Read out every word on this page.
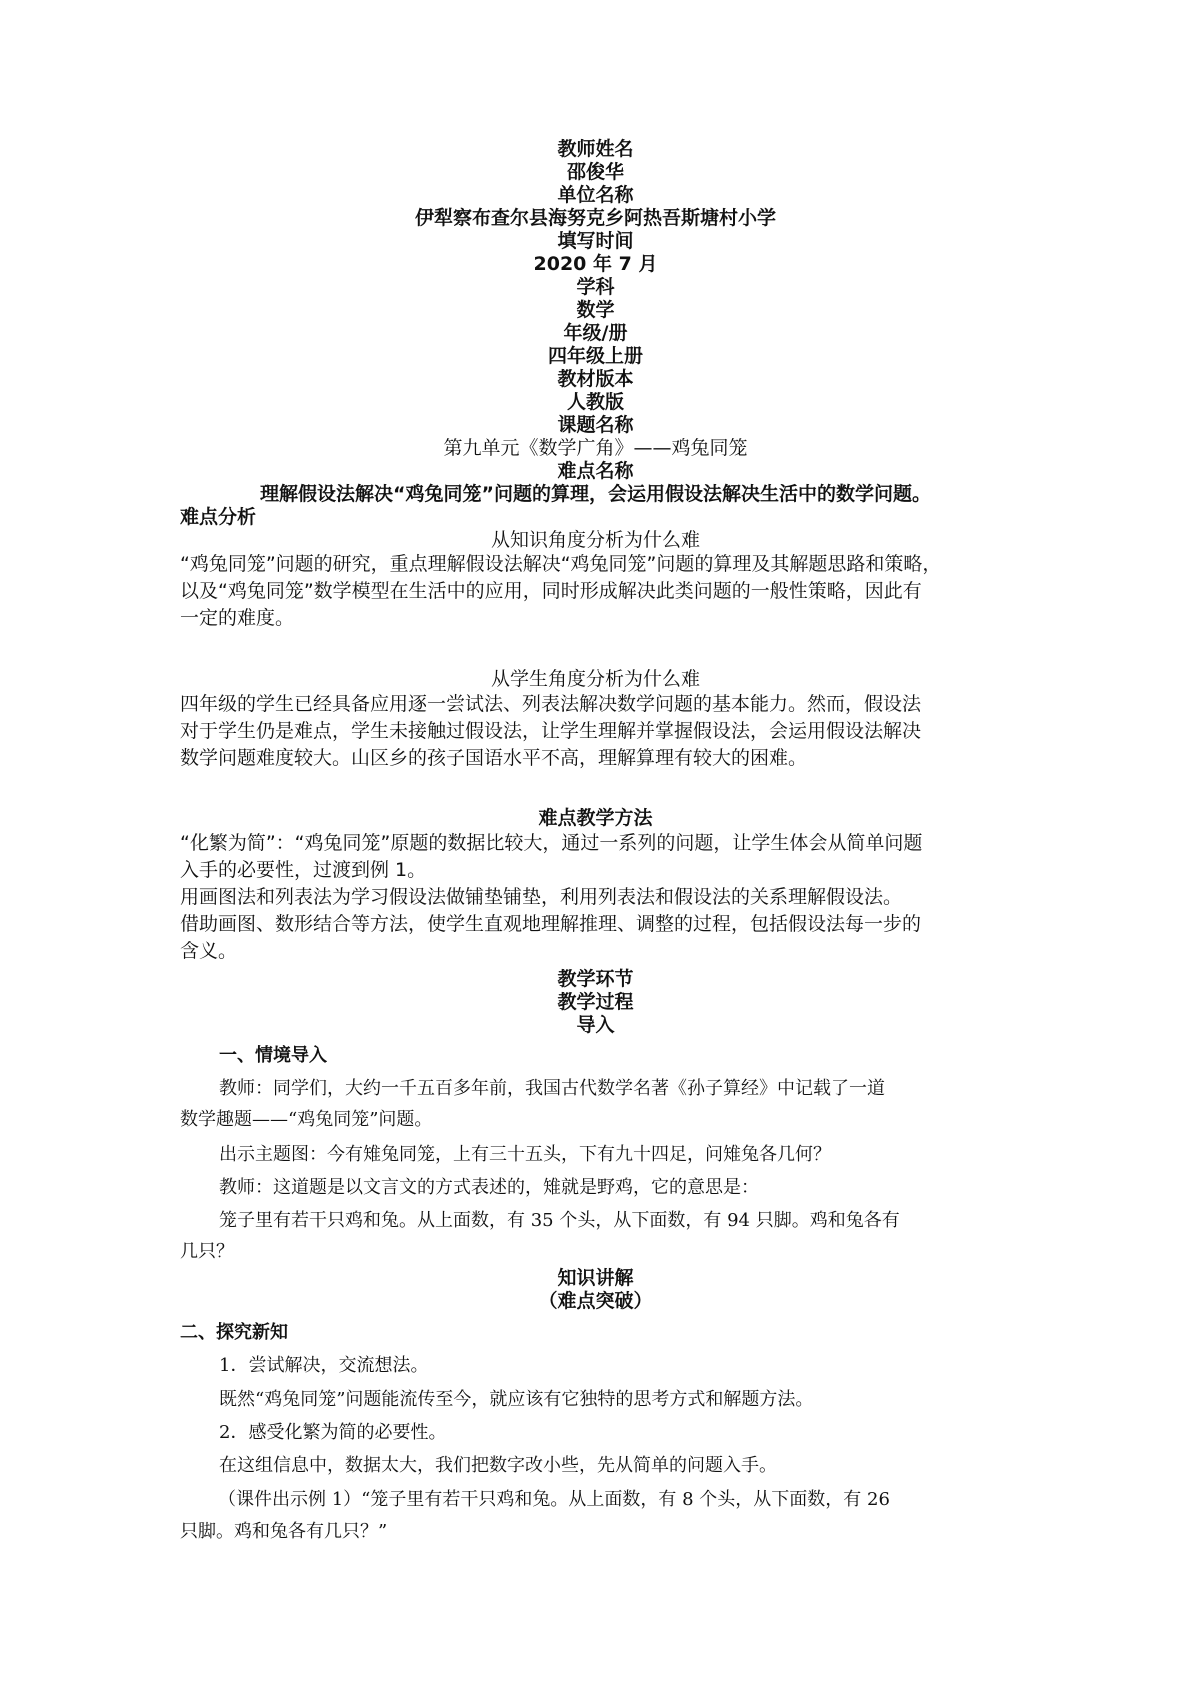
教师姓名
邵俊华
单位名称
伊犁察布查尔县海努克乡阿热吾斯塘村小学
填写时间
2020 年 7 月
学科
数学
年级/册
四年级上册
教材版本
人教版
课题名称
第九单元《数学广角》——鸡兔同笼
难点名称
理解假设法解决“鸡兔同笼”问题的算理，会运用假设法解决生活中的数学问题。
难点分析
从知识角度分析为什么难
“鸡兔同笼”问题的研究，重点理解假设法解决“鸡兔同笼”问题的算理及其解题思路和策略，
以及“鸡兔同笼”数学模型在生活中的应用，同时形成解决此类问题的一般性策略，因此有
一定的难度。
从学生角度分析为什么难
四年级的学生已经具备应用逐一尝试法、列表法解决数学问题的基本能力。然而，假设法
对于学生仍是难点，学生未接触过假设法，让学生理解并掌握假设法，会运用假设法解决
数学问题难度较大。山区乡的孩子国语水平不高，理解算理有较大的困难。
难点教学方法
“化繁为简”：“鸡兔同笼”原题的数据比较大，通过一系列的问题，让学生体会从简单问题
入手的必要性，过渡到例 1。
用画图法和列表法为学习假设法做铺垫铺垫，利用列表法和假设法的关系理解假设法。
借助画图、数形结合等方法，使学生直观地理解推理、调整的过程，包括假设法每一步的
含义。
教学环节
教学过程
导入
一、情境导入
教师：同学们，大约一千五百多年前，我国古代数学名著《孙子算经》中记载了一道
数学趣题——“鸡兔同笼”问题。
出示主题图：今有雉兔同笼，上有三十五头，下有九十四足，问雉兔各几何？
教师：这道题是以文言文的方式表述的，雉就是野鸡，它的意思是：
笼子里有若干只鸡和兔。从上面数，有 35 个头，从下面数，有 94 只脚。鸡和兔各有
几只？
知识讲解
（难点突破）
二、探究新知
1．尝试解决，交流想法。
既然“鸡兔同笼”问题能流传至今，就应该有它独特的思考方式和解题方法。
2．感受化繁为简的必要性。
在这组信息中，数据太大，我们把数字改小些，先从简单的问题入手。
（课件出示例 1）“笼子里有若干只鸡和兔。从上面数，有 8 个头，从下面数，有 26
只脚。鸡和兔各有几只？”
